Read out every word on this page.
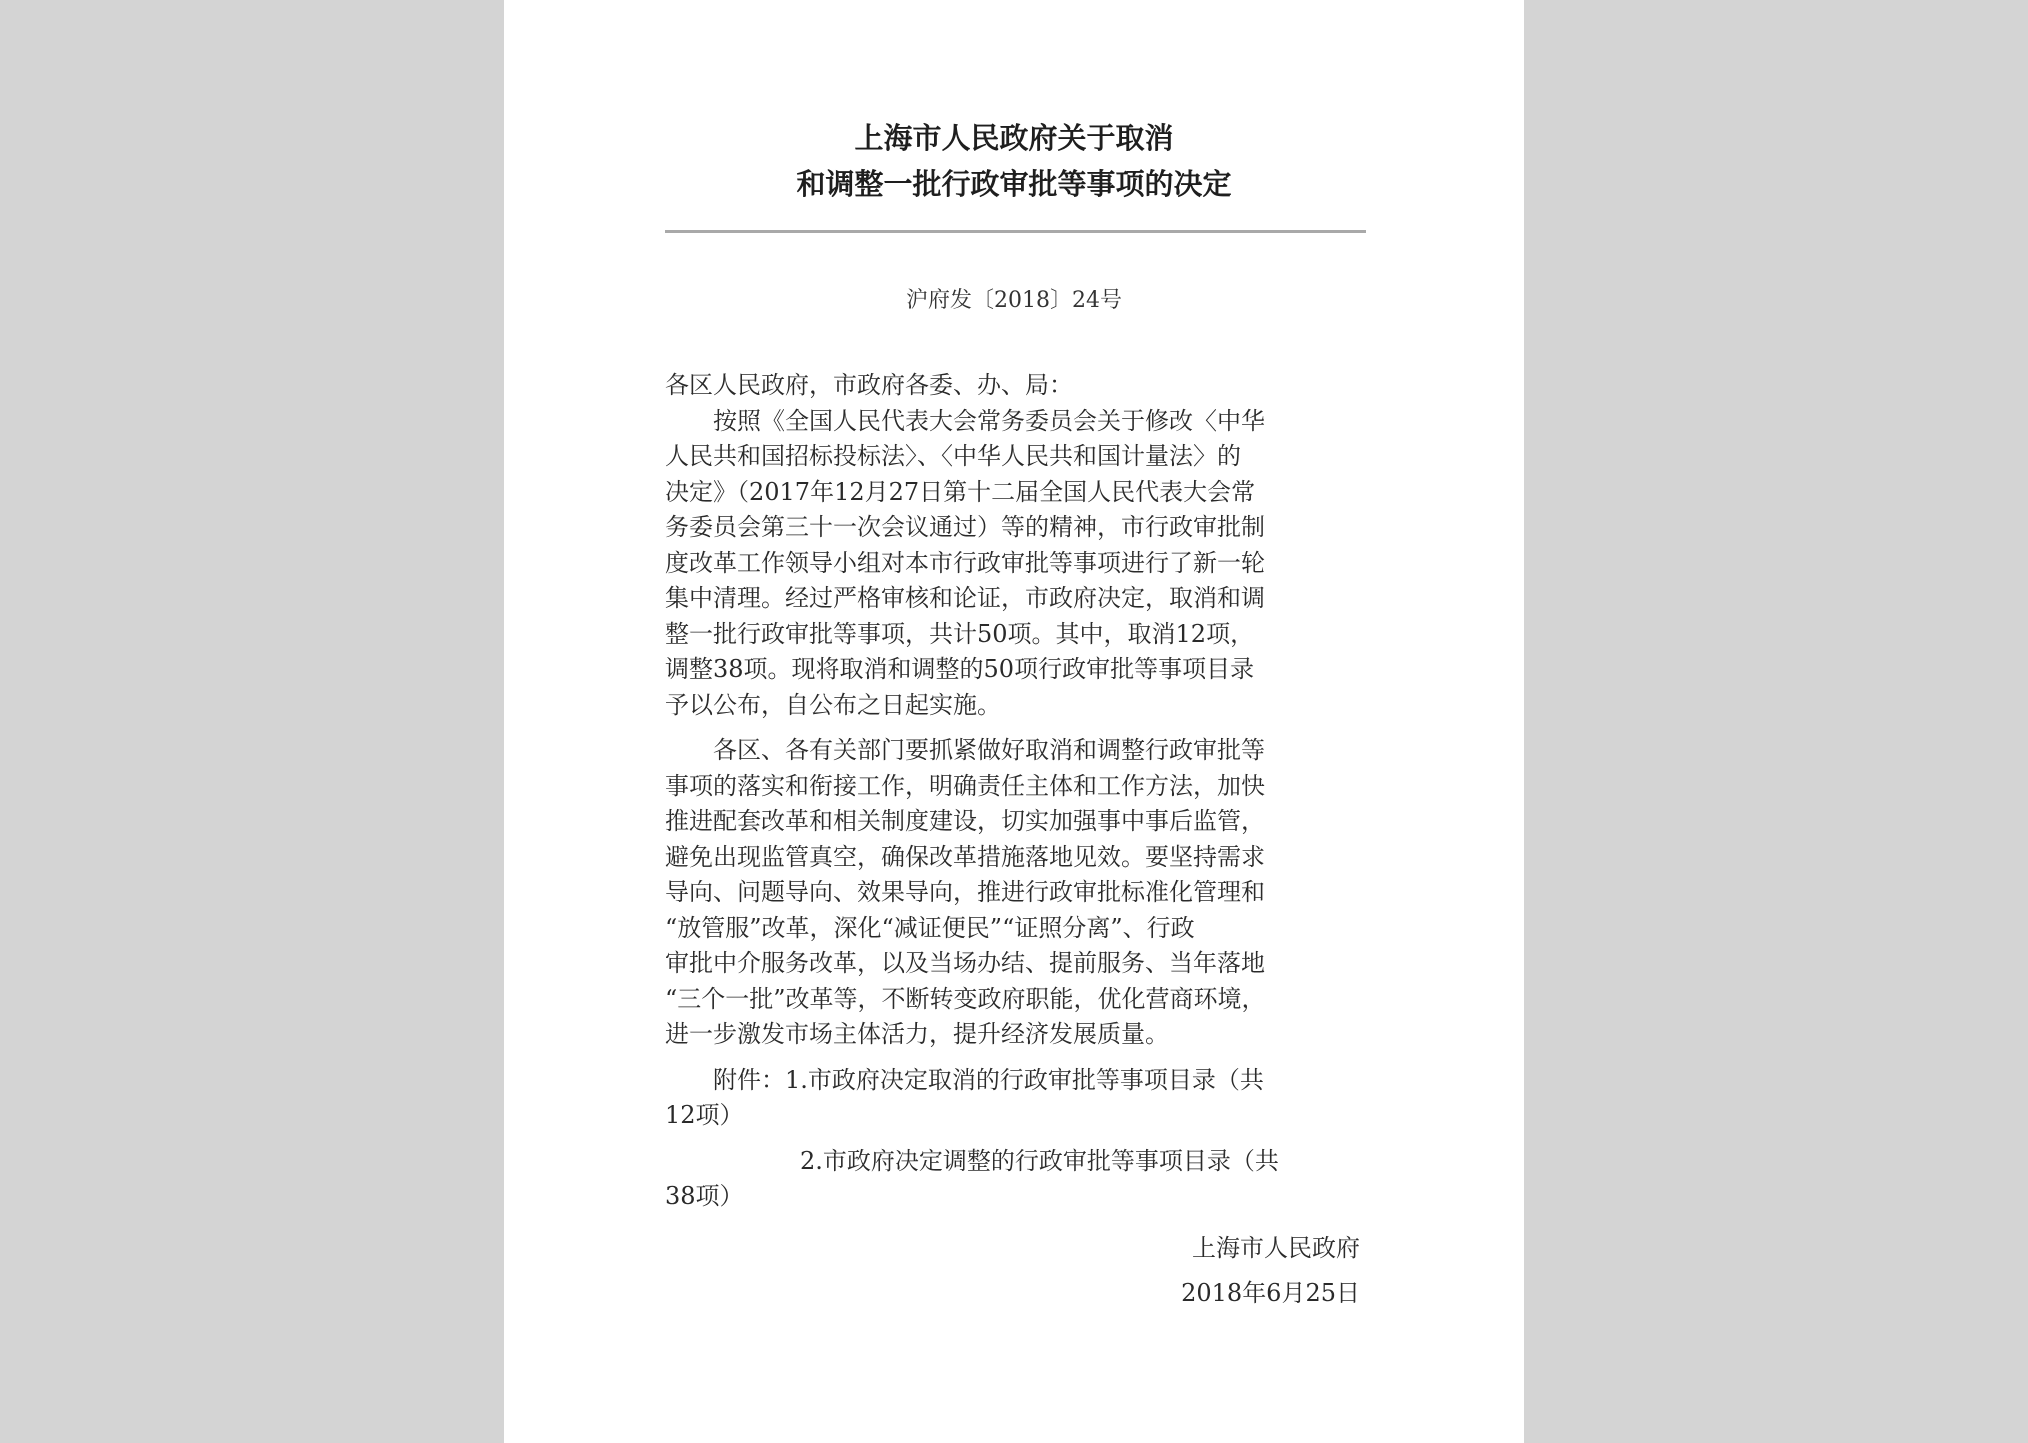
上海市人民政府关于取消
和调整一批行政审批等事项的决定
沪府发〔2018〕24号
各区人民政府，市政府各委、办、局：
按照《全国人民代表大会常务委员会关于修改〈中华
人民共和国招标投标法〉、〈中华人民共和国计量法〉的
决定》（2017年12月27日第十二届全国人民代表大会常
务委员会第三十一次会议通过）等的精神，市行政审批制
度改革工作领导小组对本市行政审批等事项进行了新一轮
集中清理。经过严格审核和论证，市政府决定，取消和调
整一批行政审批等事项，共计50项。其中，取消12项，
调整38项。现将取消和调整的50项行政审批等事项目录
予以公布，自公布之日起实施。
各区、各有关部门要抓紧做好取消和调整行政审批等
事项的落实和衔接工作，明确责任主体和工作方法，加快
推进配套改革和相关制度建设，切实加强事中事后监管，
避免出现监管真空，确保改革措施落地见效。要坚持需求
导向、问题导向、效果导向，推进行政审批标准化管理和
“放管服”改革，深化“减证便民”“证照分离”、行政
审批中介服务改革，以及当场办结、提前服务、当年落地
“三个一批”改革等，不断转变政府职能，优化营商环境，
进一步激发市场主体活力，提升经济发展质量。
附件：1.市政府决定取消的行政审批等事项目录（共
12项）
2.市政府决定调整的行政审批等事项目录（共
38项）
上海市人民政府
2018年6月25日
